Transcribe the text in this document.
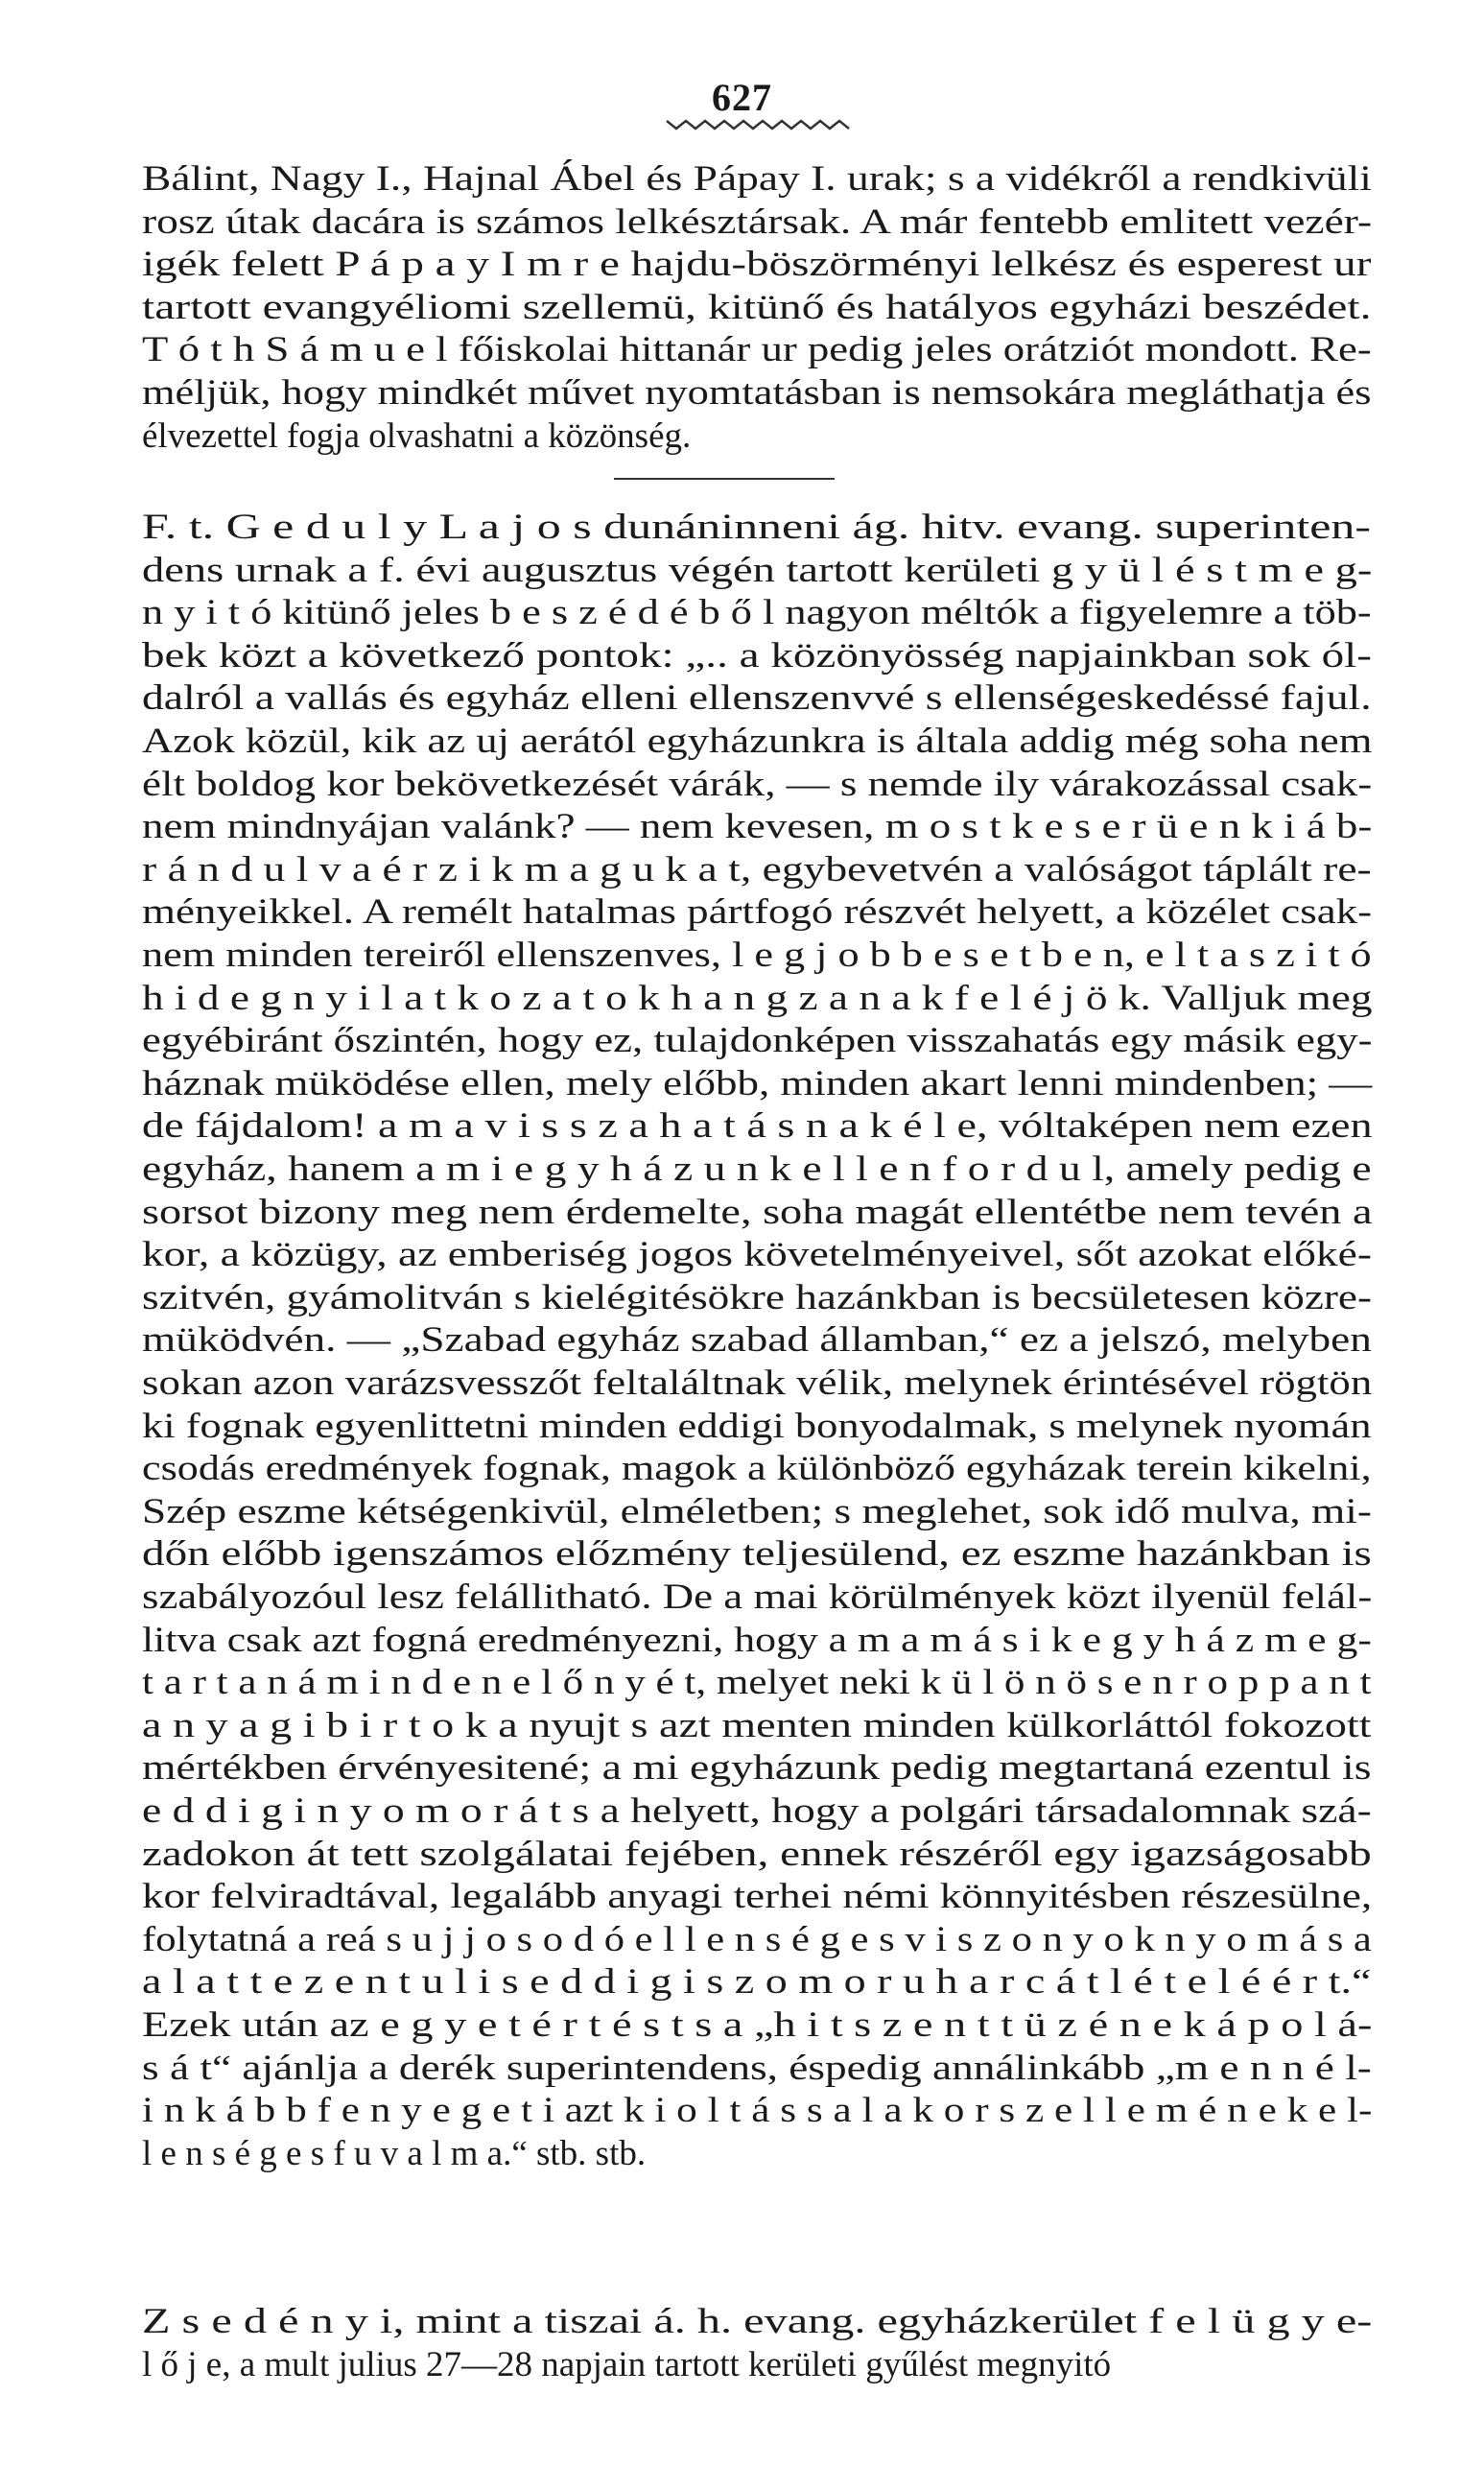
627
Bálint, Nagy I., Hajnal Ábel és Pápay I. urak; s a vidékről a rendkivüli
rosz útak dacára is számos lelkésztársak. A már fentebb emlitett vezér-
igék felett P á p a y I m r e hajdu-böszörményi lelkész és esperest ur
tartott evangyéliomi szellemü, kitünő és hatályos egyházi beszédet.
T ó t h S á m u e l főiskolai hittanár ur pedig jeles orátziót mondott. Re-
méljük, hogy mindkét művet nyomtatásban is nemsokára megláthatja és
élvezettel fogja olvashatni a közönség.
F. t. G e d u l y L a j o s dunáninneni ág. hitv. evang. superinten-
dens urnak a f. évi augusztus végén tartott kerületi g y ü l é s t m e g-
n y i t ó kitünő jeles b e s z é d é b ő l nagyon méltók a figyelemre a töb-
bek közt a következő pontok: „.. a közönyösség napjainkban sok ól-
dalról a vallás és egyház elleni ellenszenvvé s ellenségeskedéssé fajul.
Azok közül, kik az uj aerától egyházunkra is általa addig még soha nem
élt boldog kor bekövetkezését várák, — s nemde ily várakozással csak-
nem mindnyájan valánk? — nem kevesen, m o s t k e s e r ü e n k i á b-
r á n d u l v a é r z i k m a g u k a t, egybevetvén a valóságot táplált re-
ményeikkel. A remélt hatalmas pártfogó részvét helyett, a közélet csak-
nem minden tereiről ellenszenves, l e g j o b b e s e t b e n, e l t a s z i t ó
h i d e g n y i l a t k o z a t o k h a n g z a n a k f e l é j ö k. Valljuk meg
egyébiránt őszintén, hogy ez, tulajdonképen visszahatás egy másik egy-
háznak müködése ellen, mely előbb, minden akart lenni mindenben; —
de fájdalom! a m a v i s s z a h a t á s n a k é l e, vóltaképen nem ezen
egyház, hanem a m i e g y h á z u n k e l l e n f o r d u l, amely pedig e
sorsot bizony meg nem érdemelte, soha magát ellentétbe nem tevén a
kor, a közügy, az emberiség jogos követelményeivel, sőt azokat előké-
szitvén, gyámolitván s kielégitésökre hazánkban is becsületesen közre-
müködvén. — „Szabad egyház szabad államban,“ ez a jelszó, melyben
sokan azon varázsvesszőt feltaláltnak vélik, melynek érintésével rögtön
ki fognak egyenlittetni minden eddigi bonyodalmak, s melynek nyomán
csodás eredmények fognak, magok a különböző egyházak terein kikelni,
Szép eszme kétségenkivül, elméletben; s meglehet, sok idő mulva, mi-
dőn előbb igenszámos előzmény teljesülend, ez eszme hazánkban is
szabályozóul lesz felállitható. De a mai körülmények közt ilyenül felál-
litva csak azt fogná eredményezni, hogy a m a m á s i k e g y h á z m e g-
t a r t a n á m i n d e n e l ő n y é t, melyet neki k ü l ö n ö s e n r o p p a n t
a n y a g i b i r t o k a nyujt s azt menten minden külkorláttól fokozott
mértékben érvényesitené; a mi egyházunk pedig megtartaná ezentul is
e d d i g i n y o m o r á t s a helyett, hogy a polgári társadalomnak szá-
zadokon át tett szolgálatai fejében, ennek részéről egy igazságosabb
kor felviradtával, legalább anyagi terhei némi könnyitésben részesülne,
folytatná a reá s u j j o s o d ó e l l e n s é g e s v i s z o n y o k n y o m á s a
a l a t t e z e n t u l i s e d d i g i s z o m o r u h a r c á t l é t e l é é r t.“
Ezek után az e g y e t é r t é s t s a „h i t s z e n t t ü z é n e k á p o l á-
s á t“ ajánlja a derék superintendens, éspedig annálinkább „m e n n é l-
i n k á b b f e n y e g e t i azt k i o l t á s s a l a k o r s z e l l e m é n e k e l-
l e n s é g e s f u v a l m a.“ stb. stb.
Z s e d é n y i, mint a tiszai á. h. evang. egyházkerület f e l ü g y e-
l ő j e, a mult julius 27—28 napjain tartott kerületi gyűlést megnyitó
